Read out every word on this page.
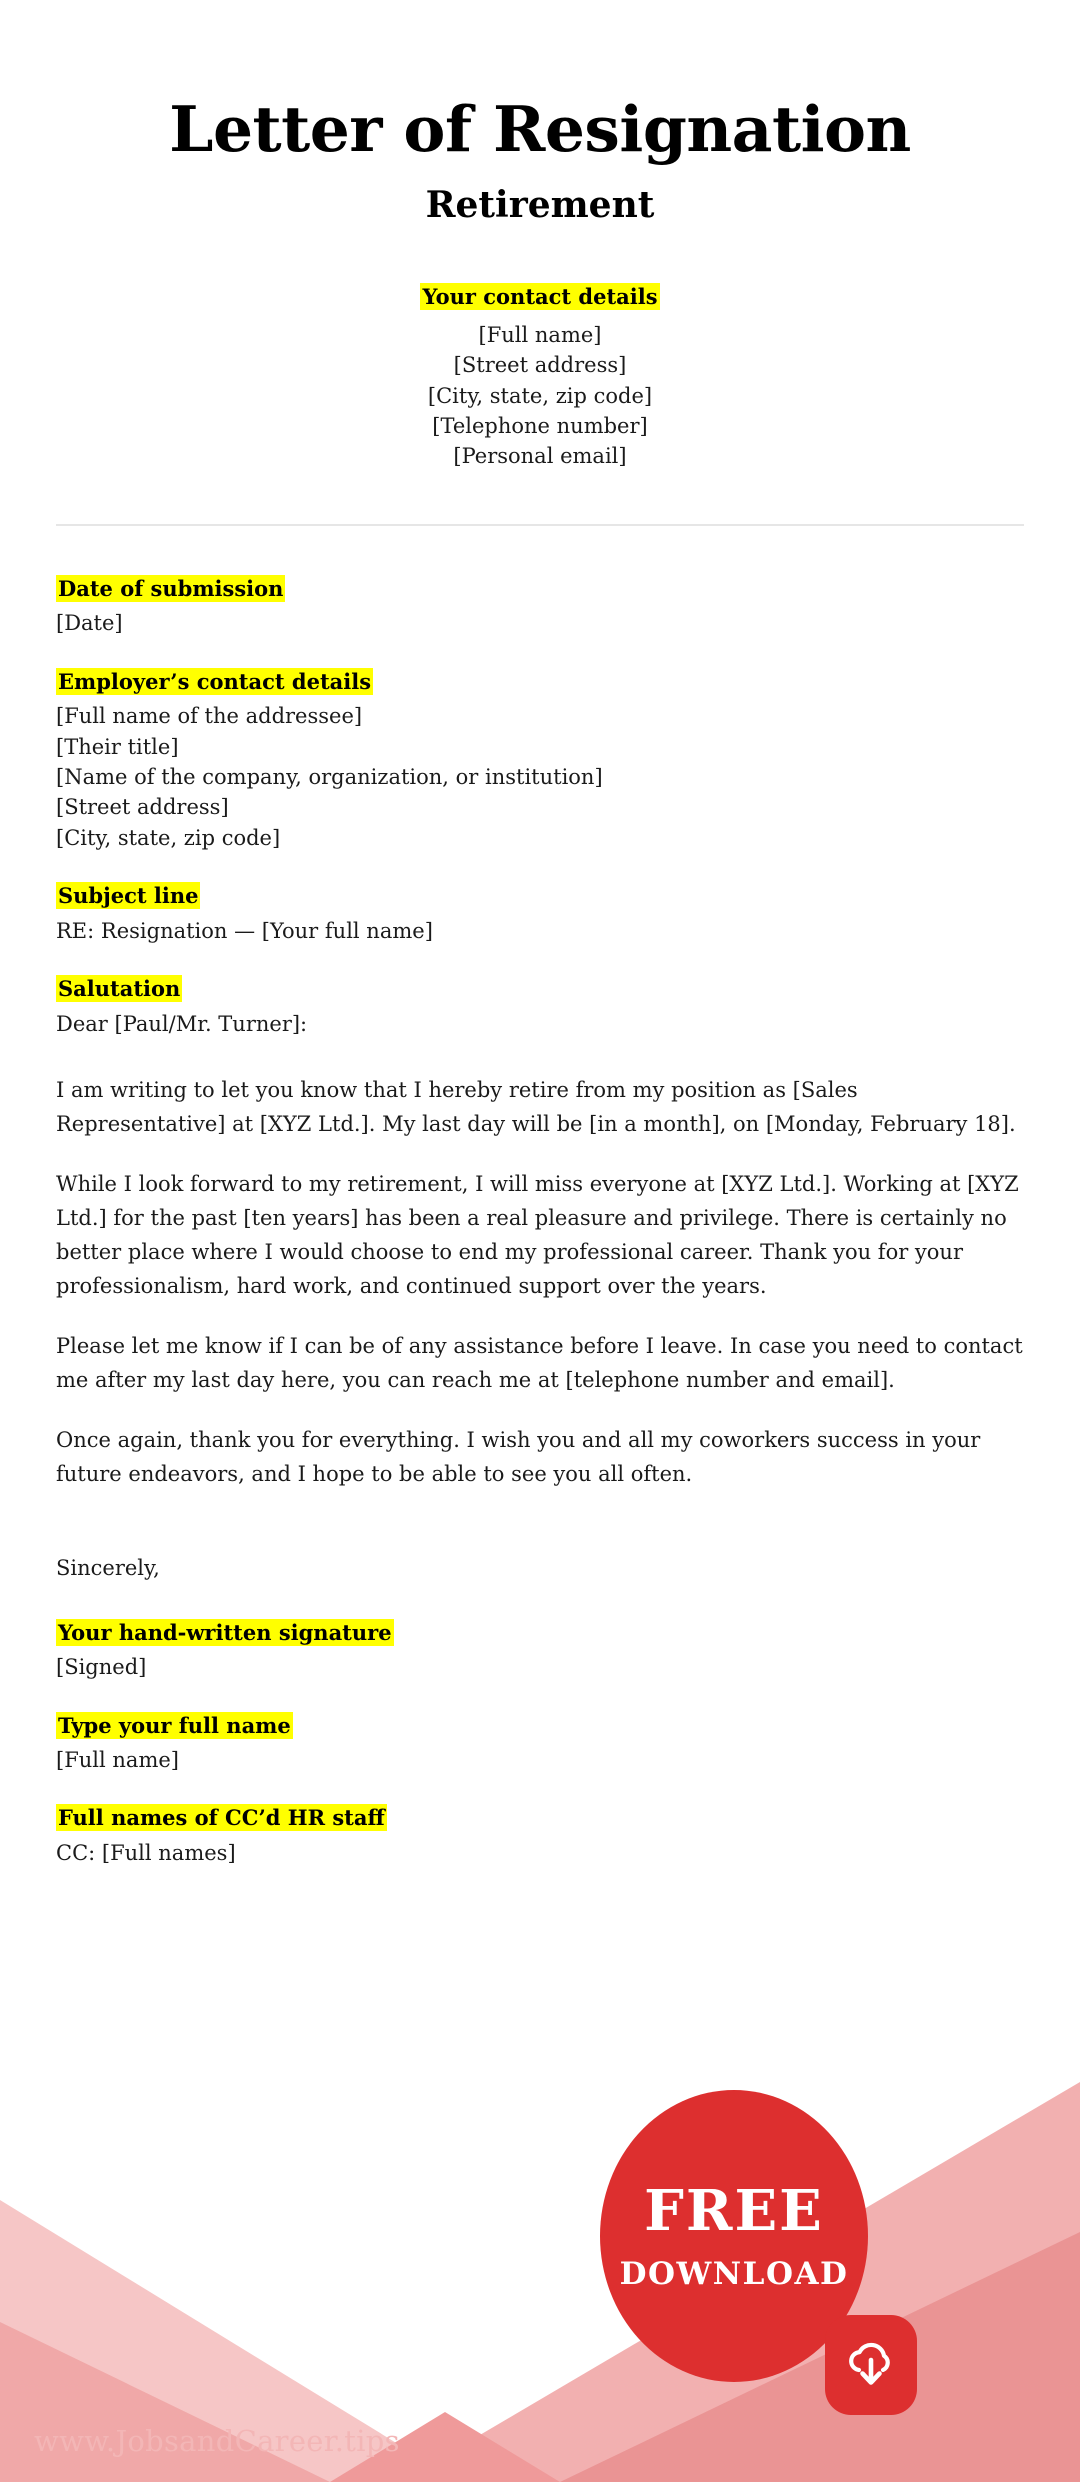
Letter of Resignation
Retirement
Your contact details
[Full name]
[Street address]
[City, state, zip code]
[Telephone number]
[Personal email]
Date of submission
[Date]
Employer’s contact details
[Full name of the addressee]
[Their title]
[Name of the company, organization, or institution]
[Street address]
[City, state, zip code]
Subject line
RE: Resignation — [Your full name]
Salutation
Dear [Paul/Mr. Turner]:

I am writing to let you know that I hereby retire from my position as [Sales Representative] at [XYZ Ltd.]. My last day will be [in a month], on [Monday, February 18].

While I look forward to my retirement, I will miss everyone at [XYZ Ltd.]. Working at [XYZ Ltd.] for the past [ten years] has been a real pleasure and privilege. There is certainly no better place where I would choose to end my professional career. Thank you for your professionalism, hard work, and continued support over the years.

Please let me know if I can be of any assistance before I leave. In case you need to contact me after my last day here, you can reach me at [telephone number and email].

Once again, thank you for everything. I wish you and all my coworkers success in your future endeavors, and I hope to be able to see you all often.

Sincerely,
Your hand-written signature
[Signed]
Type your full name
[Full name]
Full names of CC’d HR staff
CC: [Full names]
FREE
DOWNLOAD
www.JobsandCareer.tips
